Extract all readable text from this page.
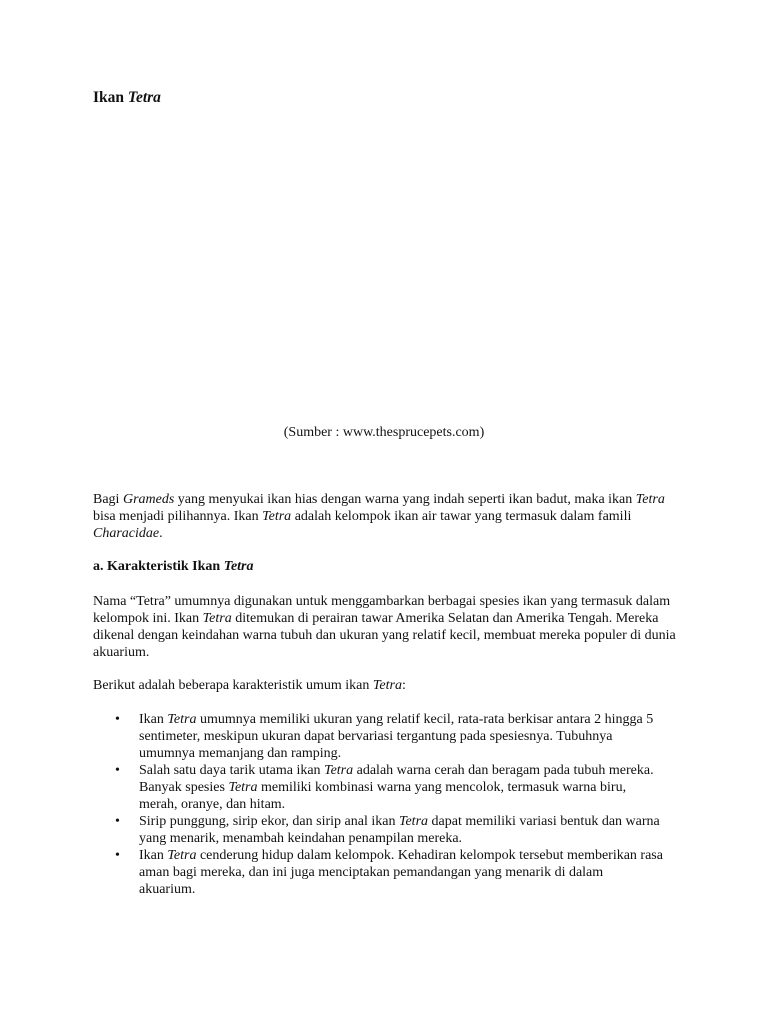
Ikan Tetra

(Sumber : www.thesprucepets.com)

Bagi Grameds yang menyukai ikan hias dengan warna yang indah seperti ikan badut, maka ikan Tetra bisa menjadi pilihannya. Ikan Tetra adalah kelompok ikan air tawar yang termasuk dalam famili Characidae.

a. Karakteristik Ikan Tetra

Nama “Tetra” umumnya digunakan untuk menggambarkan berbagai spesies ikan yang termasuk dalam kelompok ini. Ikan Tetra ditemukan di perairan tawar Amerika Selatan dan Amerika Tengah. Mereka dikenal dengan keindahan warna tubuh dan ukuran yang relatif kecil, membuat mereka populer di dunia akuarium.

Berikut adalah beberapa karakteristik umum ikan Tetra:

• Ikan Tetra umumnya memiliki ukuran yang relatif kecil, rata-rata berkisar antara 2 hingga 5 sentimeter, meskipun ukuran dapat bervariasi tergantung pada spesiesnya. Tubuhnya umumnya memanjang dan ramping.
• Salah satu daya tarik utama ikan Tetra adalah warna cerah dan beragam pada tubuh mereka. Banyak spesies Tetra memiliki kombinasi warna yang mencolok, termasuk warna biru, merah, oranye, dan hitam.
• Sirip punggung, sirip ekor, dan sirip anal ikan Tetra dapat memiliki variasi bentuk dan warna yang menarik, menambah keindahan penampilan mereka.
• Ikan Tetra cenderung hidup dalam kelompok. Kehadiran kelompok tersebut memberikan rasa aman bagi mereka, dan ini juga menciptakan pemandangan yang menarik di dalam akuarium.
